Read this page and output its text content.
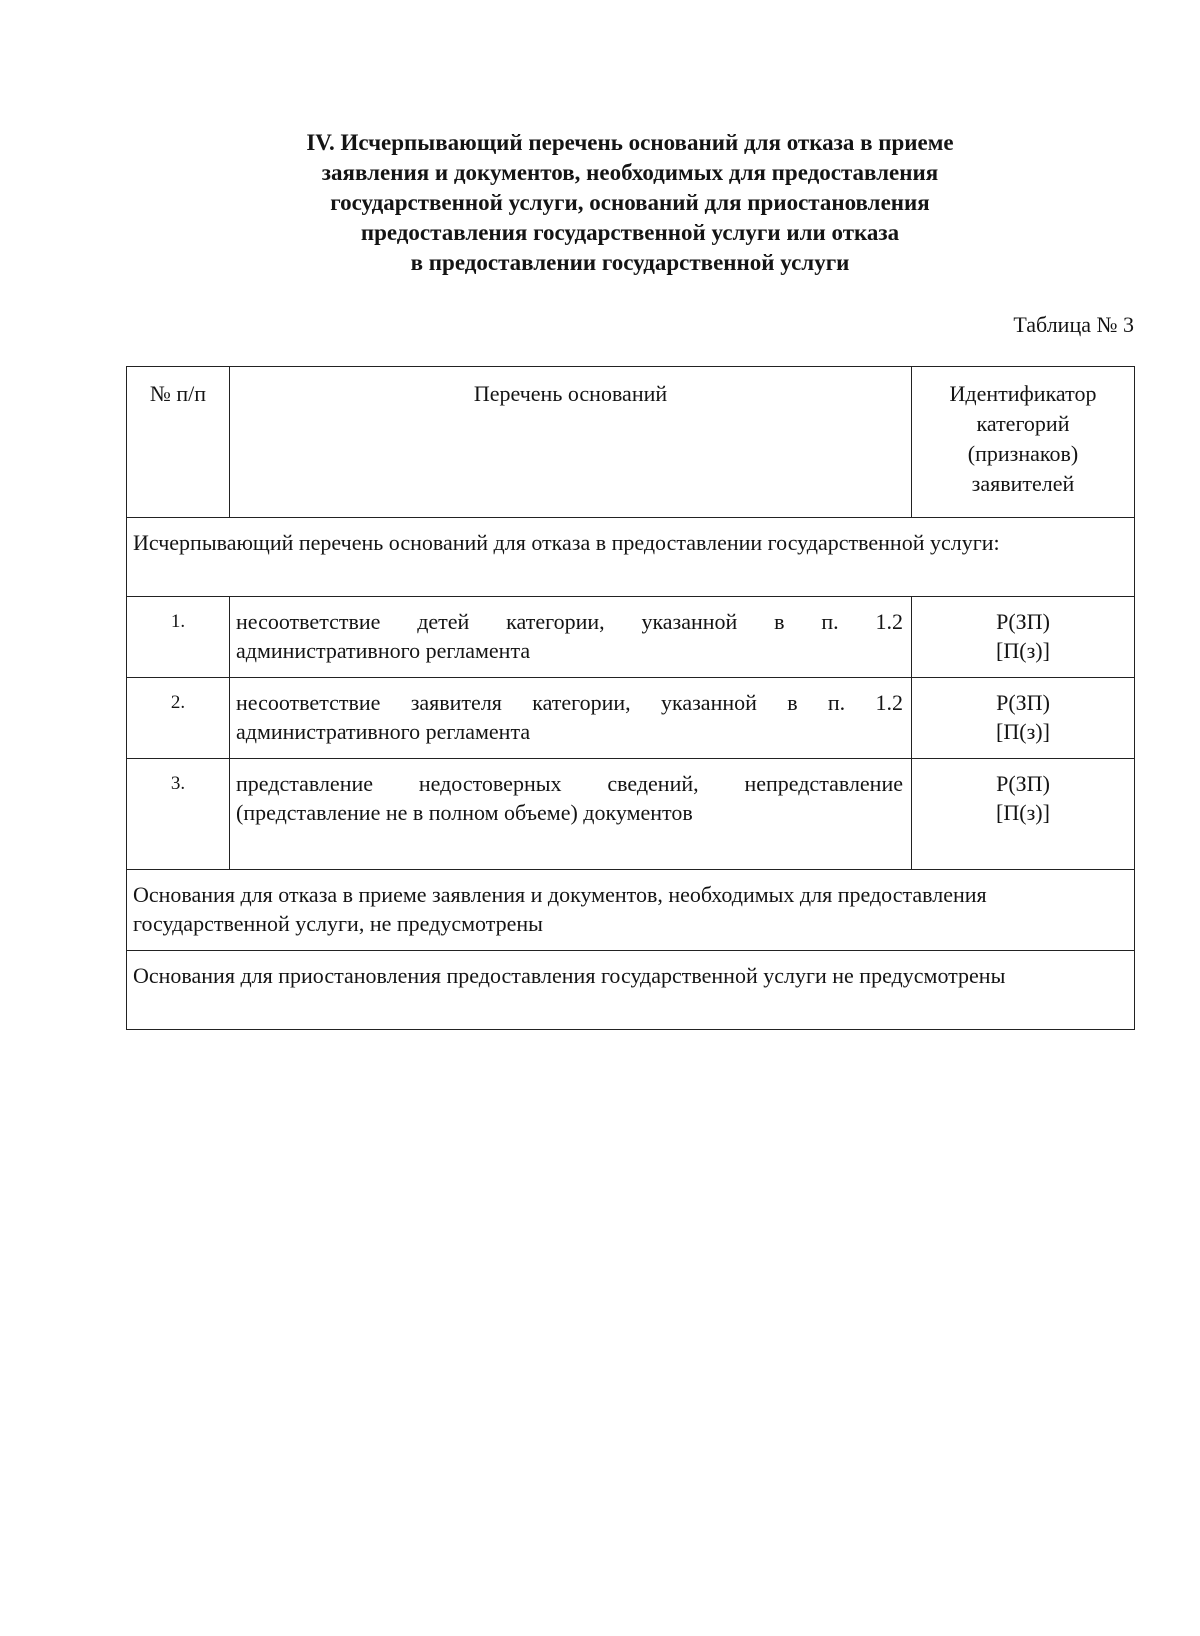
IV. Исчерпывающий перечень оснований для отказа в приеме
заявления и документов, необходимых для предоставления
государственной услуги, оснований для приостановления
предоставления государственной услуги или отказа
в предоставлении государственной услуги
Таблица № 3
№ п/п	Перечень оснований	Идентификатор
категорий
(признаков)
заявителей

Исчерпывающий перечень оснований для отказа в предоставлении государственной услуги:		
1.	несоответствие детей категории, указанной в п. 1.2 административного регламента	Р(ЗП)
[П(з)]

2.	несоответствие заявителя категории, указанной в п. 1.2 административного регламента	Р(ЗП)
[П(з)]

3.	представление недостоверных сведений, непредставление (представление не в полном объеме) документов	Р(ЗП)
[П(з)]

Основания для отказа в приеме заявления и документов, необходимых для предоставления государственной услуги, не предусмотрены		
Основания для приостановления предоставления государственной услуги не предусмотрены		
